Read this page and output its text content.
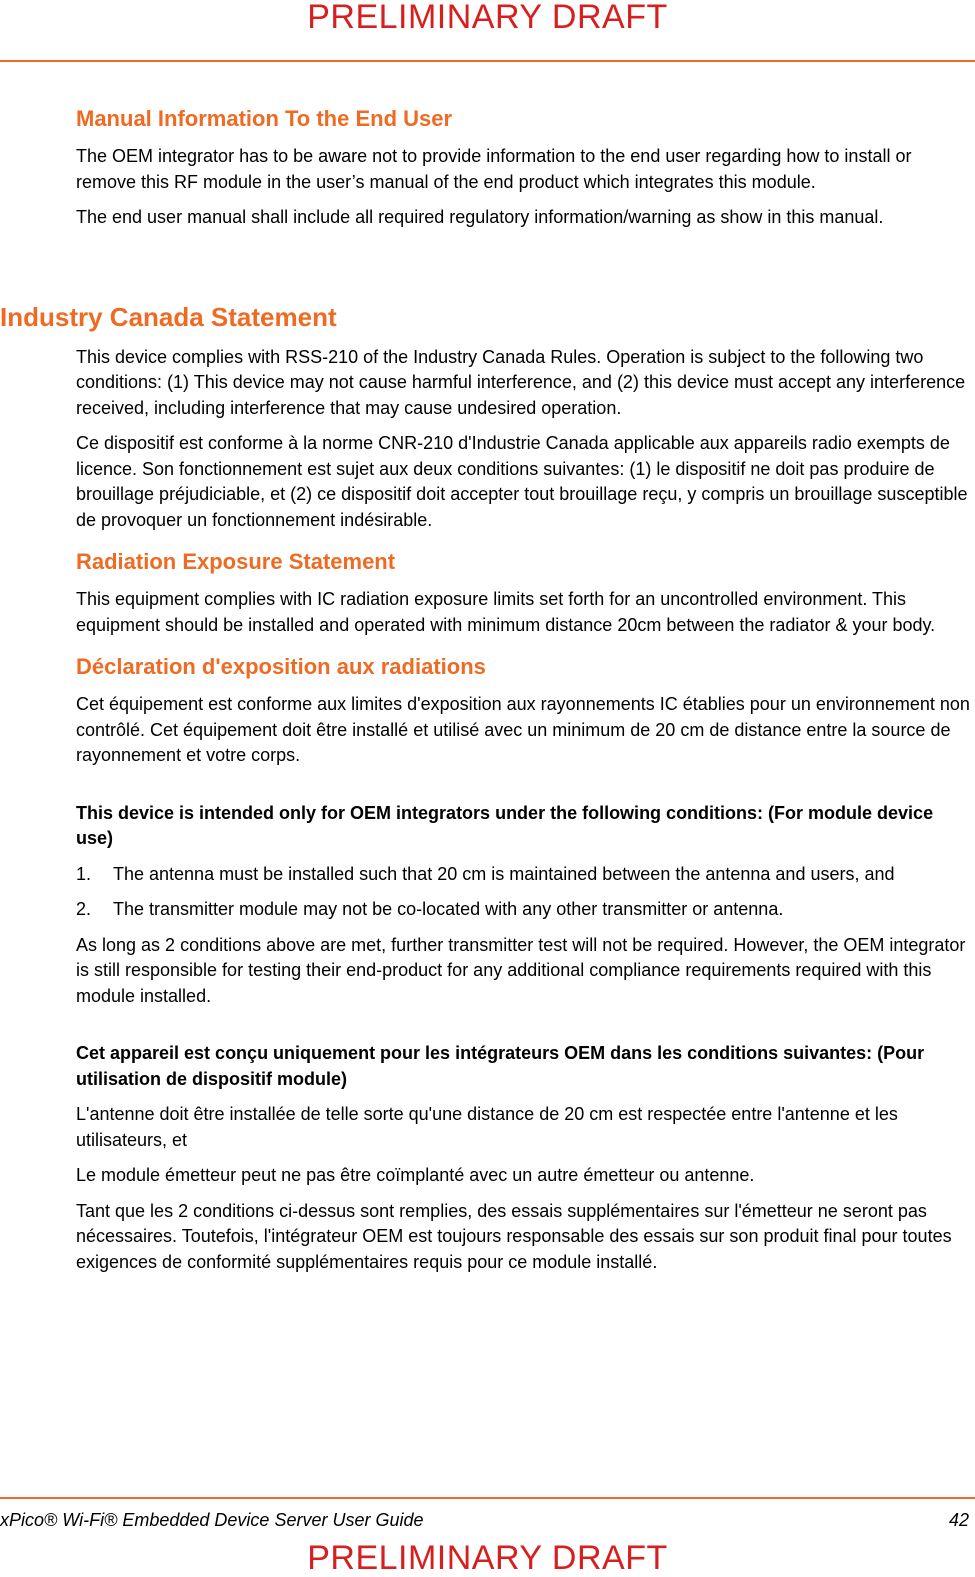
PRELIMINARY DRAFT
Manual Information To the End User

The OEM integrator has to be aware not to provide information to the end user regarding how to install or remove this RF module in the user’s manual of the end product which integrates this module.

The end user manual shall include all required regulatory information/warning as show in this manual.

Industry Canada Statement

This device complies with RSS-210 of the Industry Canada Rules. Operation is subject to the following two conditions: (1) This device may not cause harmful interference, and (2) this device must accept any interference received, including interference that may cause undesired operation.

Ce dispositif est conforme à la norme CNR-210 d'Industrie Canada applicable aux appareils radio exempts de licence. Son fonctionnement est sujet aux deux conditions suivantes: (1) le dispositif ne doit pas produire de brouillage préjudiciable, et (2) ce dispositif doit accepter tout brouillage reçu, y compris un brouillage susceptible de provoquer un fonctionnement indésirable.

Radiation Exposure Statement

This equipment complies with IC radiation exposure limits set forth for an uncontrolled environment. This equipment should be installed and operated with minimum distance 20cm between the radiator & your body.

Déclaration d'exposition aux radiations

Cet équipement est conforme aux limites d'exposition aux rayonnements IC établies pour un environnement non contrôlé. Cet équipement doit être installé et utilisé avec un minimum de 20 cm de distance entre la source de rayonnement et votre corps.

This device is intended only for OEM integrators under the following conditions: (For module device use)

1. The antenna must be installed such that 20 cm is maintained between the antenna and users, and
2. The transmitter module may not be co-located with any other transmitter or antenna.

As long as 2 conditions above are met, further transmitter test will not be required. However, the OEM integrator is still responsible for testing their end-product for any additional compliance requirements required with this module installed.

Cet appareil est conçu uniquement pour les intégrateurs OEM dans les conditions suivantes: (Pour utilisation de dispositif module)

L'antenne doit être installée de telle sorte qu'une distance de 20 cm est respectée entre l'antenne et les utilisateurs, et

Le module émetteur peut ne pas être coïmplanté avec un autre émetteur ou antenne.

Tant que les 2 conditions ci-dessus sont remplies, des essais supplémentaires sur l'émetteur ne seront pas nécessaires. Toutefois, l'intégrateur OEM est toujours responsable des essais sur son produit final pour toutes exigences de conformité supplémentaires requis pour ce module installé.

xPico® Wi-Fi® Embedded Device Server User Guide	42
PRELIMINARY DRAFT
